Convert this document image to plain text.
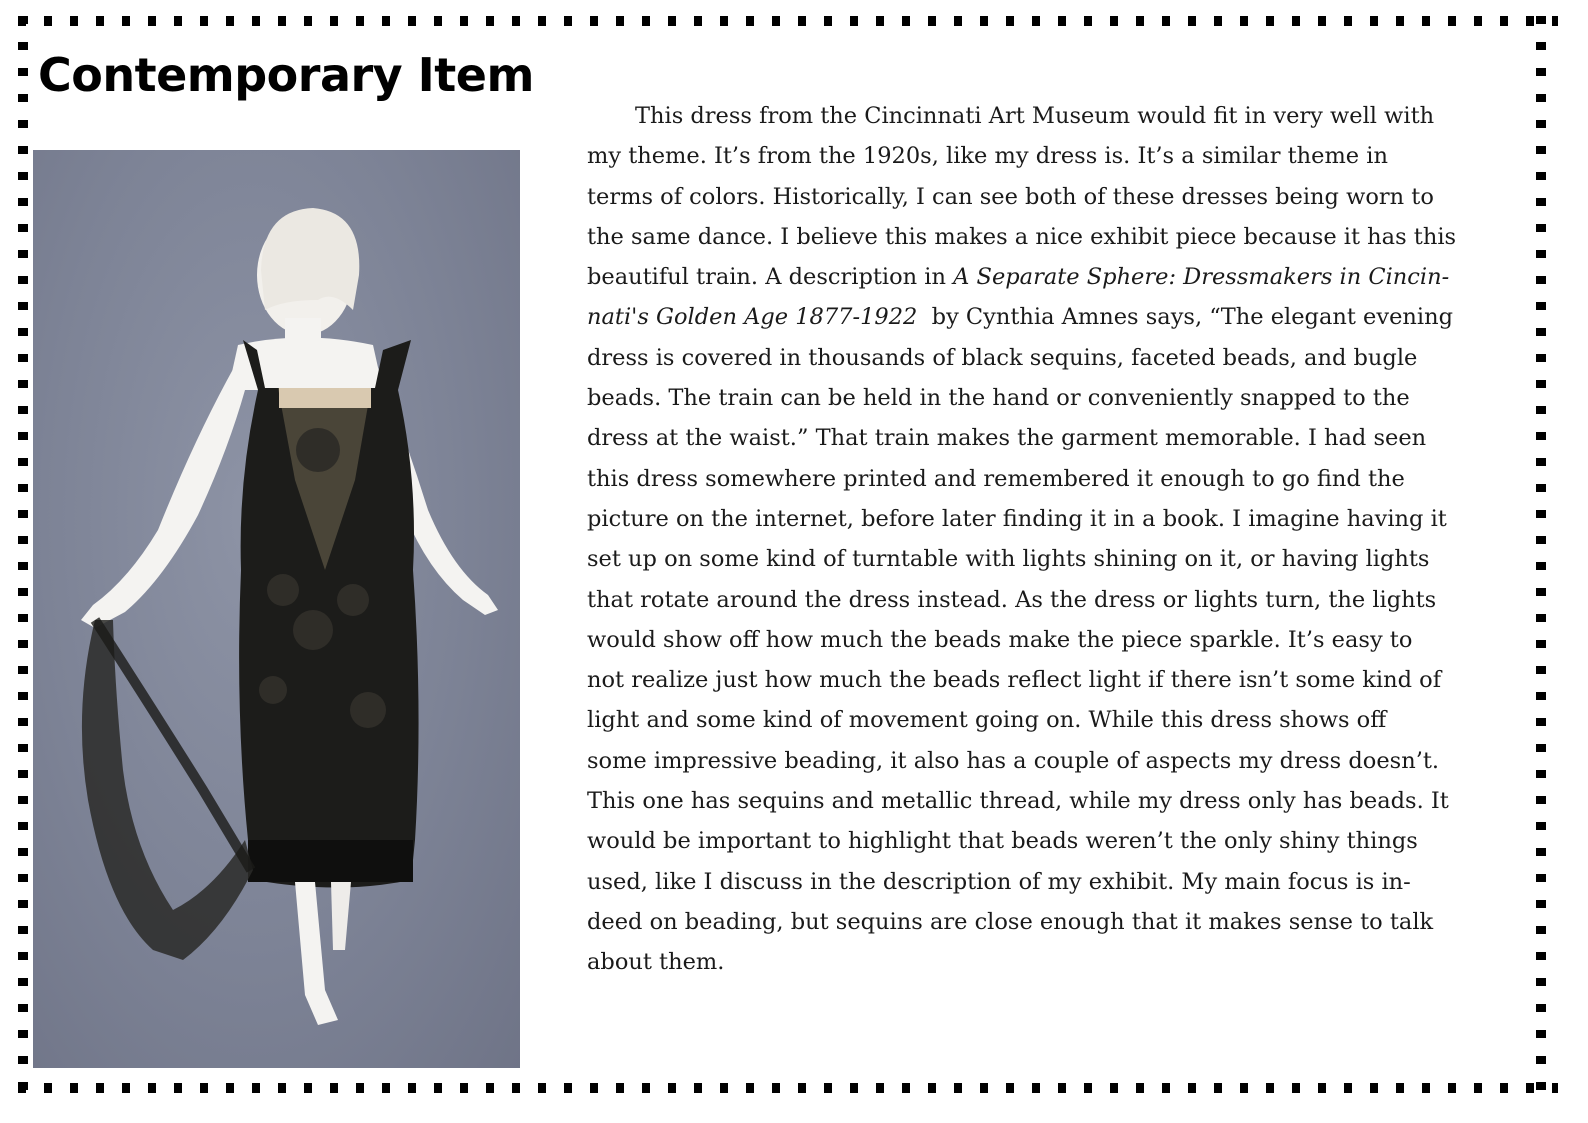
Contemporary Item
This dress from the Cincinnati Art Museum would fit in very well with
my theme. It’s from the 1920s, like my dress is. It’s a similar theme in
terms of colors. Historically, I can see both of these dresses being worn to
the same dance. I believe this makes a nice exhibit piece because it has this
beautiful train. A description in A Separate Sphere: Dressmakers in Cincin-
nati's Golden Age 1877-1922  by Cynthia Amnes says, “The elegant evening
dress is covered in thousands of black sequins, faceted beads, and bugle
beads. The train can be held in the hand or conveniently snapped to the
dress at the waist.” That train makes the garment memorable. I had seen
this dress somewhere printed and remembered it enough to go find the
picture on the internet, before later finding it in a book. I imagine having it
set up on some kind of turntable with lights shining on it, or having lights
that rotate around the dress instead. As the dress or lights turn, the lights
would show off how much the beads make the piece sparkle. It’s easy to
not realize just how much the beads reflect light if there isn’t some kind of
light and some kind of movement going on. While this dress shows off
some impressive beading, it also has a couple of aspects my dress doesn’t.
This one has sequins and metallic thread, while my dress only has beads. It
would be important to highlight that beads weren’t the only shiny things
used, like I discuss in the description of my exhibit. My main focus is in-
deed on beading, but sequins are close enough that it makes sense to talk
about them.
